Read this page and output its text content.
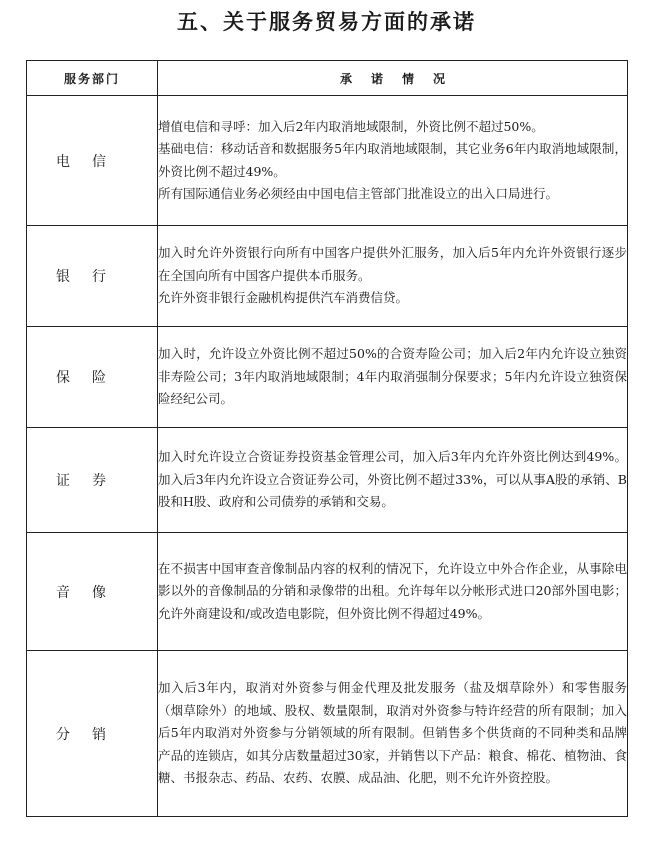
五、关于服务贸易方面的承诺
服务部门	承诺情况
电信	增值电信和寻呼：加入后2年内取消地域限制，外资比例不超过50%。

基础电信：移动话音和数据服务5年内取消地域限制，其它业务6年内取消地域限制，外资比例不超过49%。

所有国际通信业务必须经由中国电信主管部门批准设立的出入口局进行。

银行	加入时允许外资银行向所有中国客户提供外汇服务，加入后5年内允许外资银行逐步在全国向所有中国客户提供本币服务。

允许外资非银行金融机构提供汽车消费信贷。

保险	加入时，允许设立外资比例不超过50%的合资寿险公司；加入后2年内允许设立独资非寿险公司；3年内取消地域限制；4年内取消强制分保要求；5年内允许设立独资保险经纪公司。

证券	加入时允许设立合资证券投资基金管理公司，加入后3年内允许外资比例达到49%。加入后3年内允许设立合资证券公司，外资比例不超过33%，可以从事A股的承销、B股和H股、政府和公司债券的承销和交易。

音像	在不损害中国审查音像制品内容的权利的情况下，允许设立中外合作企业，从事除电影以外的音像制品的分销和录像带的出租。允许每年以分帐形式进口20部外国电影；允许外商建设和/或改造电影院，但外资比例不得超过49%。

分销	加入后3年内，取消对外资参与佣金代理及批发服务（盐及烟草除外）和零售服务（烟草除外）的地域、股权、数量限制，取消对外资参与特许经营的所有限制；加入后5年内取消对外资参与分销领域的所有限制。但销售多个供货商的不同种类和品牌产品的连锁店，如其分店数量超过30家，并销售以下产品：粮食、棉花、植物油、食糖、书报杂志、药品、农药、农膜、成品油、化肥，则不允许外资控股。
